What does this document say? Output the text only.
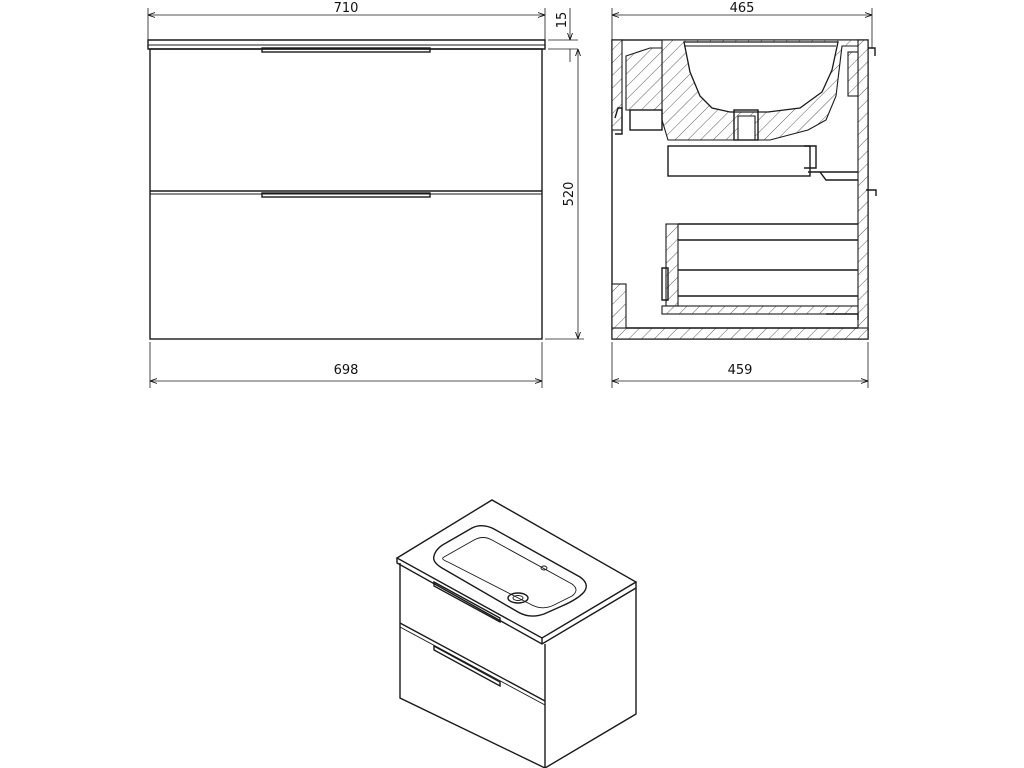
710
15
520
698
465
459
